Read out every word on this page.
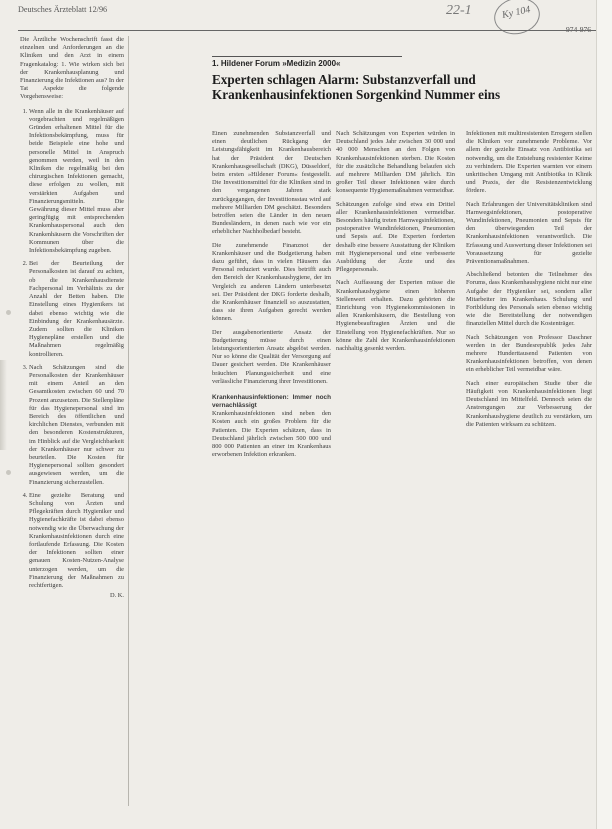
Deutsches Ärzteblatt 12/96	22-1	Ky 104

Die Ärztliche Wochenschrift fasst die einzelnen und Anforderungen an die Kliniken und den Arzt in einem Fragenkatalog: 1. Wie wirken sich bei der Krankenhausplanung und Finanzierung die Infektionen aus? In der Tat Aspekte die folgende Vorgehensweise:

1. Wenn alle in die Krankenhäuser auf vorgebrachten und regelmäßigen Gründen erhaltenen Mittel für die Infektionsbekämpfung, muss für beide Beispiele eine hohe und personelle Mittel in Anspruch genommen werden, weil in den Kliniken die regelmäßig bei den chirurgischen Infektionen gemacht, diese erfolgen zu wollen, mit verstärkten Aufgaben und Finanzierungsmitteln. Die Gewährung dieser Mittel muss aber geringfügig mit entsprechenden Krankenhauspersonal auch den Krankenhäusern die Vorschriften der Kommunen über die Infektionsbekämpfung zugeben.
2. Bei der Beurteilung der Personalkosten ist darauf zu achten, ob die Krankenhausdienste Fachpersonal im Verhältnis zu der Anzahl der Betten haben. Die Einstellung eines Hygienikers ist dabei ebenso wichtig wie die Einbindung der Krankenhausärzte. Zudem sollten die Kliniken Hygienepläne erstellen und die Maßnahmen regelmäßig kontrollieren.
3. Nach Schätzungen sind die Personalkosten der Krankenhäuser mit einem Anteil an den Gesamtkosten zwischen 60 und 70 Prozent anzusetzen. Die Stellenpläne für das Hygienepersonal sind im Bereich des öffentlichen und kirchlichen Dienstes, verbunden mit den besonderen Kostenstrukturen, im Hinblick auf die Vergleichbarkeit der Krankenhäuser nur schwer zu beurteilen. Die Kosten für Hygienepersonal sollten gesondert ausgewiesen werden, um die Finanzierung sicherzustellen.
4. Eine gezielte Beratung und Schulung von Ärzten und Pflegekräften durch Hygieniker und Hygienefachkräfte ist dabei ebenso notwendig wie die Überwachung der Krankenhausinfektionen durch eine fortlaufende Erfassung. Die Kosten der Infektionen sollten einer genauen Kosten-Nutzen-Analyse unterzogen werden, um die Finanzierung der Maßnahmen zu rechtfertigen.
D. K.
1. Hildener Forum »Medizin 2000«
Experten schlagen Alarm: Substanzverfall und Krankenhausinfektionen Sorgenkind Nummer eins

Einen zunehmenden Substanzverfall und einen deutlichen Rückgang der Leistungsfähigkeit im Krankenhausbereich hat der Präsident der Deutschen Krankenhausgesellschaft (DKG), Düsseldorf, beim ersten »Hildener Forum« festgestellt. Die Investitionsmittel für die Kliniken sind in den vergangenen Jahren stark zurückgegangen, der Investitionsstau wird auf mehrere Milliarden DM geschätzt. Besonders betroffen seien die Länder in den neuen Bundesländern, in denen nach wie vor ein erheblicher Nachholbedarf besteht.

Die zunehmende Finanznot der Krankenhäuser und die Budgetierung haben dazu geführt, dass in vielen Häusern das Personal reduziert wurde. Dies betrifft auch den Bereich der Krankenhaushygiene, der im Vergleich zu anderen Ländern unterbesetzt sei. Der Präsident der DKG forderte deshalb, die Krankenhäuser finanziell so auszustatten, dass sie ihren Aufgaben gerecht werden können.

Der ausgabenorientierte Ansatz der Budgetierung müsse durch einen leistungsorientierten Ansatz abgelöst werden. Nur so könne die Qualität der Versorgung auf Dauer gesichert werden. Die Krankenhäuser bräuchten Planungssicherheit und eine verlässliche Finanzierung ihrer Investitionen.

Krankenhausinfektionen: Immer noch vernachlässigt

Krankenhausinfektionen sind neben den Kosten auch ein großes Problem für die Patienten. Die Experten schätzen, dass in Deutschland jährlich zwischen 500 000 und 800 000 Patienten an einer im Krankenhaus erworbenen Infektion erkranken.

Nach Schätzungen von Experten würden in Deutschland jedes Jahr zwischen 30 000 und 40 000 Menschen an den Folgen von Krankenhausinfektionen sterben. Die Kosten für die zusätzliche Behandlung belaufen sich auf mehrere Milliarden DM jährlich. Ein großer Teil dieser Infektionen wäre durch konsequente Hygienemaßnahmen vermeidbar.

Schätzungen zufolge sind etwa ein Drittel aller Krankenhausinfektionen vermeidbar. Besonders häufig treten Harnwegsinfektionen, postoperative Wundinfektionen, Pneumonien und Sepsis auf. Die Experten forderten deshalb eine bessere Ausstattung der Kliniken mit Hygienepersonal und eine verbesserte Ausbildung der Ärzte und des Pflegepersonals.

Nach Auffassung der Experten müsse die Krankenhaushygiene einen höheren Stellenwert erhalten. Dazu gehörten die Einrichtung von Hygienekommissionen in allen Krankenhäusern, die Bestellung von Hygienebeauftragten Ärzten und die Einstellung von Hygienefachkräften. Nur so könne die Zahl der Krankenhausinfektionen nachhaltig gesenkt werden.

Infektionen mit multiresistenten Erregern stellen die Kliniken vor zunehmende Probleme. Vor allem der gezielte Einsatz von Antibiotika sei notwendig, um die Entstehung resistenter Keime zu verhindern. Die Experten warnten vor einem unkritischen Umgang mit Antibiotika in Klinik und Praxis, der die Resistenzentwicklung fördere.

Nach Erfahrungen der Universitätskliniken sind Harnwegsinfektionen, postoperative Wundinfektionen, Pneumonien und Sepsis für den überwiegenden Teil der Krankenhausinfektionen verantwortlich. Die Erfassung und Auswertung dieser Infektionen sei Voraussetzung für gezielte Präventionsmaßnahmen.

Abschließend betonten die Teilnehmer des Forums, dass Krankenhaushygiene nicht nur eine Aufgabe der Hygieniker sei, sondern aller Mitarbeiter im Krankenhaus. Schulung und Fortbildung des Personals seien ebenso wichtig wie die Bereitstellung der notwendigen finanziellen Mittel durch die Kostenträger.

Nach Schätzungen von Professor Daschner werden in der Bundesrepublik jedes Jahr mehrere Hunderttausend Patienten von Krankenhausinfektionen betroffen, von denen ein erheblicher Teil vermeidbar wäre.

Nach einer europäischen Studie über die Häufigkeit von Krankenhausinfektionen liegt Deutschland im Mittelfeld. Dennoch seien die Anstrengungen zur Verbesserung der Krankenhaushygiene deutlich zu verstärken, um die Patienten wirksam zu schützen.
